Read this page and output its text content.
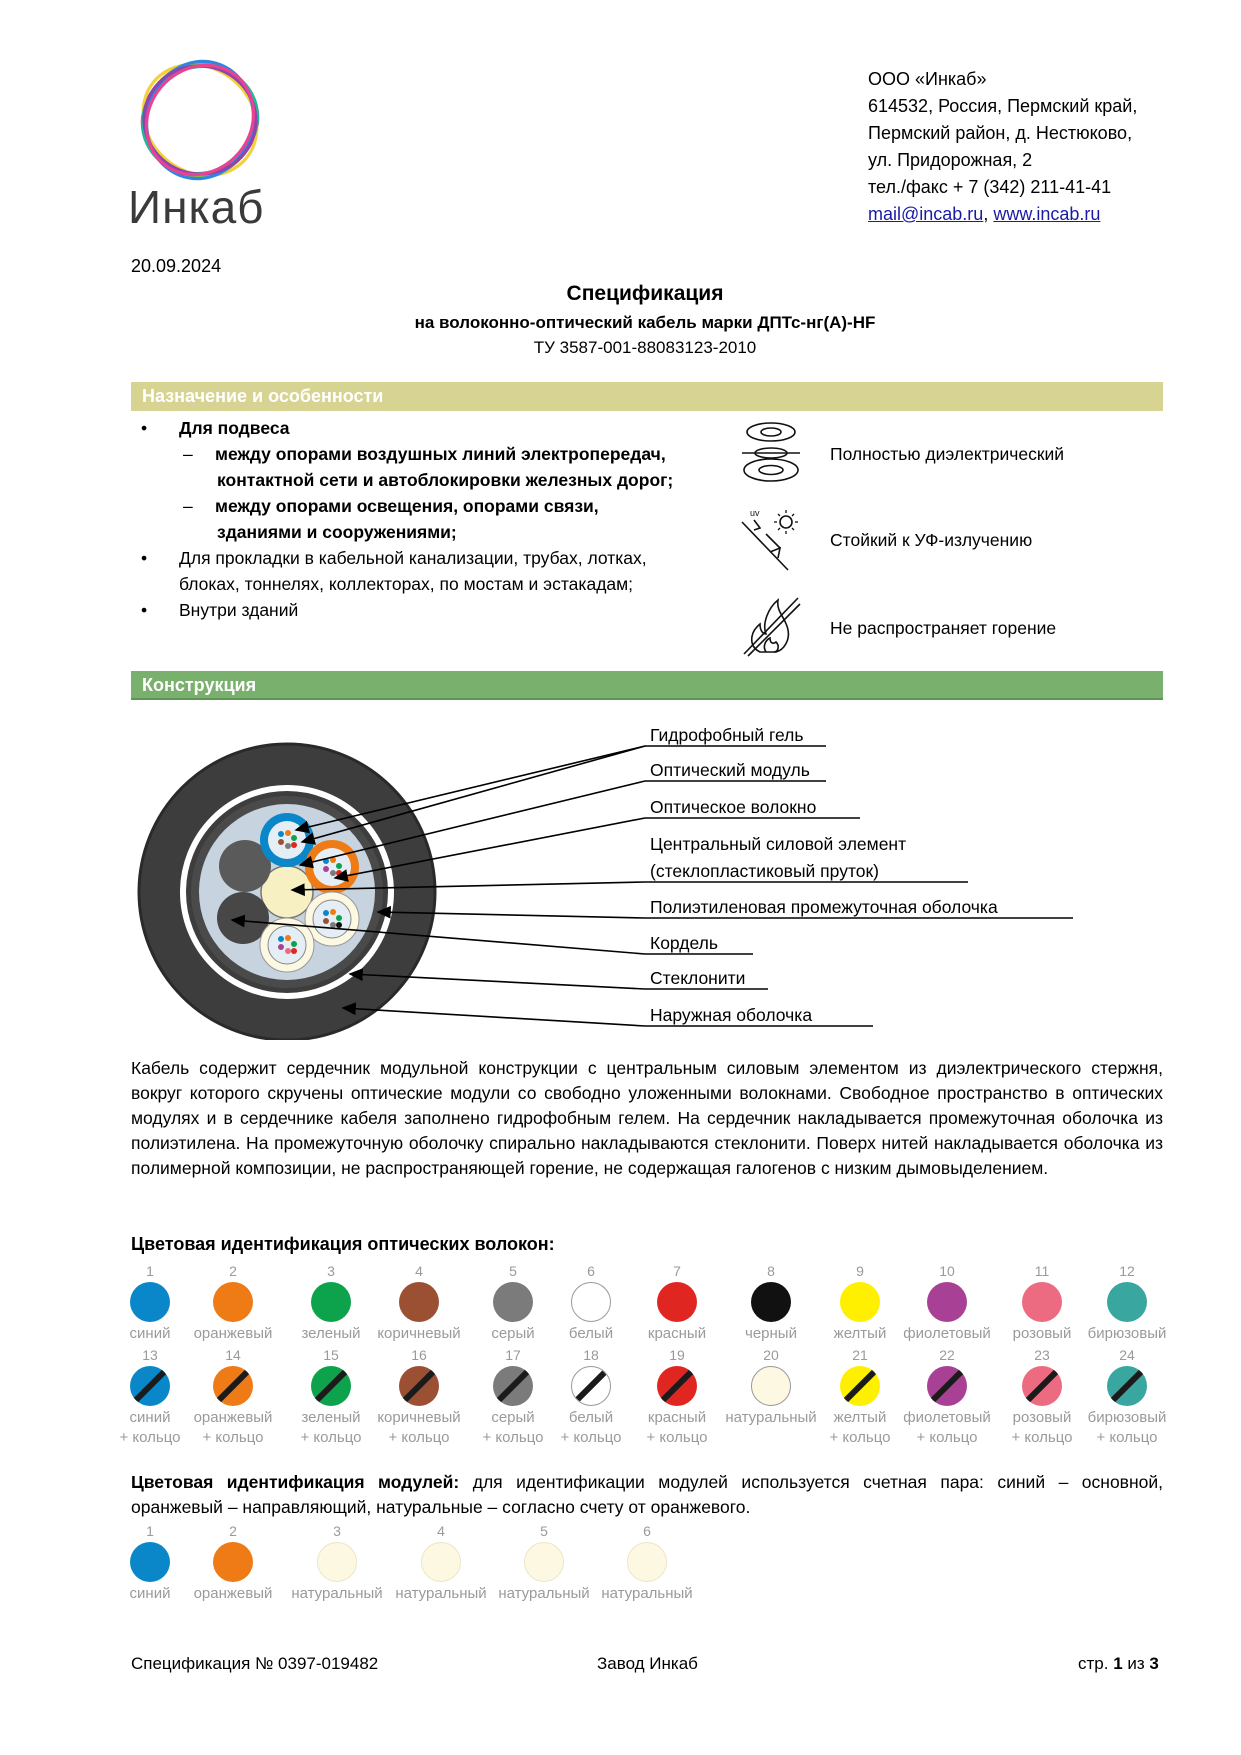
Инкаб
ООО «Инкаб»
614532, Россия, Пермский край,
Пермский район, д. Нестюково,
ул. Придорожная, 2
тел./факс + 7 (342) 211-41-41
mail@incab.ru, www.incab.ru
20.09.2024
Спецификация
на волоконно-оптический кабель марки ДПТс-нг(А)-HF
ТУ 3587-001-88083123-2010
Назначение и особенности
• Для подвеса
– между опорами воздушных линий электропередач,
контактной сети и автоблокировки железных дорог;
– между опорами освещения, опорами связи,
зданиями и сооружениями;
• Для прокладки в кабельной канализации, трубах, лотках,
блоках, тоннелях, коллекторах, по мостам и эстакадам;
• Внутри зданий
Полностью диэлектрический
uv
Стойкий к УФ-излучению
Не распространяет горение
Конструкция
Гидрофобный гель
Оптический модуль
Оптическое волокно
Центральный силовой элемент
(стеклопластиковый пруток)
Полиэтиленовая промежуточная оболочка
Кордель
Стеклонити
Наружная оболочка
Кабель содержит сердечник модульной конструкции с центральным силовым элементом из диэлектрического стержня, вокруг которого скручены оптические модули со свободно уложенными волокнами. Свободное пространство в оптических модулях и в сердечнике кабеля заполнено гидрофобным гелем. На сердечник накладывается промежуточная оболочка из полиэтилена. На промежуточную оболочку спирально накладываются стеклонити. Поверх нитей накладывается оболочка из полимерной композиции, не распространяющей горение, не содержащая галогенов с низким дымовыделением.
Цветовая идентификация оптических волокон:
1
синий
2
оранжевый
3
зеленый
4
коричневый
5
серый
6
белый
7
красный
8
черный
9
желтый
10
фиолетовый
11
розовый
12
бирюзовый
13
синий
+ кольцо
14
оранжевый
+ кольцо
15
зеленый
+ кольцо
16
коричневый
+ кольцо
17
серый
+ кольцо
18
белый
+ кольцо
19
красный
+ кольцо
20
натуральный
21
желтый
+ кольцо
22
фиолетовый
+ кольцо
23
розовый
+ кольцо
24
бирюзовый
+ кольцо
Цветовая идентификация модулей: для идентификации модулей используется счетная пара: синий – основной, оранжевый – направляющий, натуральные – согласно счету от оранжевого.
1
синий
2
оранжевый
3
натуральный
4
натуральный
5
натуральный
6
натуральный
Спецификация № 0397-019482	Завод Инкаб	стр. 1 из 3
